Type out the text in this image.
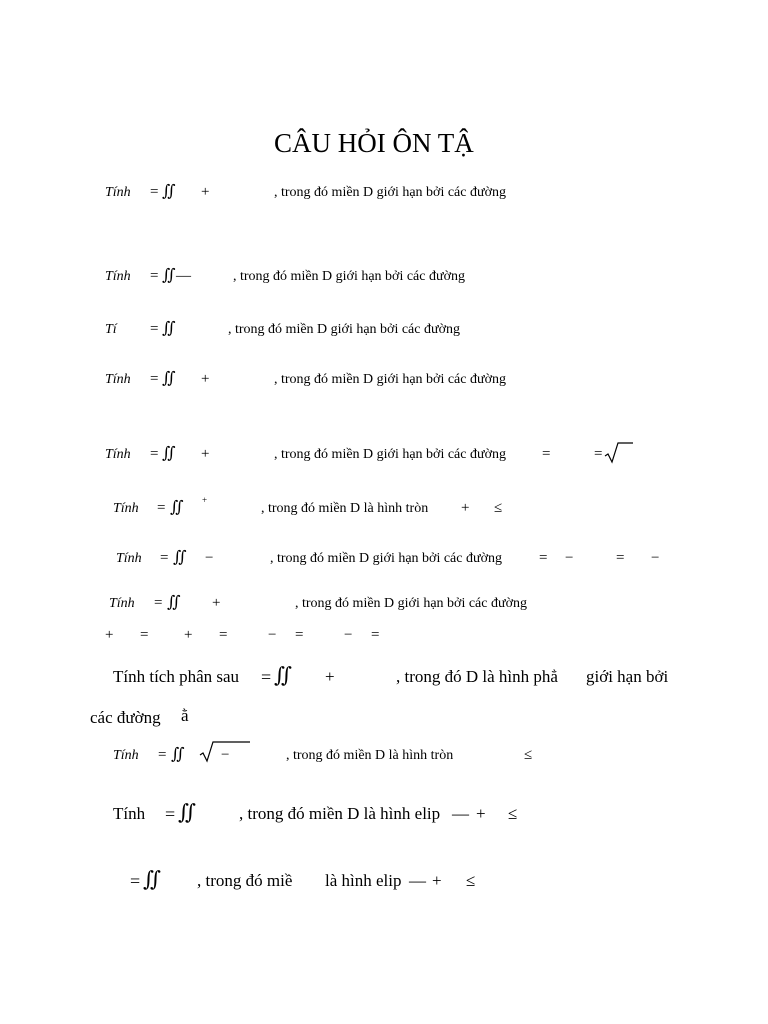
CÂU HỎI ÔN TẬ
Tính = ∬ +	, trong đó miền D giới hạn bởi các đường
Tính = ∬ —	, trong đó miền D giới hạn bởi các đường
Tí = ∬	, trong đó miền D giới hạn bởi các đường
Tính = ∬ +	, trong đó miền D giới hạn bởi các đường
Tính = ∬ +	, trong đó miền D giới hạn bởi các đường =	=
Tính = ∬ +
, trong đó miền D là hình tròn + ≤
Tính = ∬ −	, trong đó miền D giới hạn bởi các đường = −	= −
Tính = ∬ +	, trong đó miền D giới hạn bởi các đường
+ = + =	− =	− =
Tính tích phân sau = ∬ +	, trong đó D là hình phẳ giới hạn bởi
các đường ằ
Tính = ∬ −	, trong đó miền D là hình tròn	≤
Tính = ∬	, trong đó miền D là hình elip — + ≤
= ∬ , trong đó miề là hình elip — + ≤
